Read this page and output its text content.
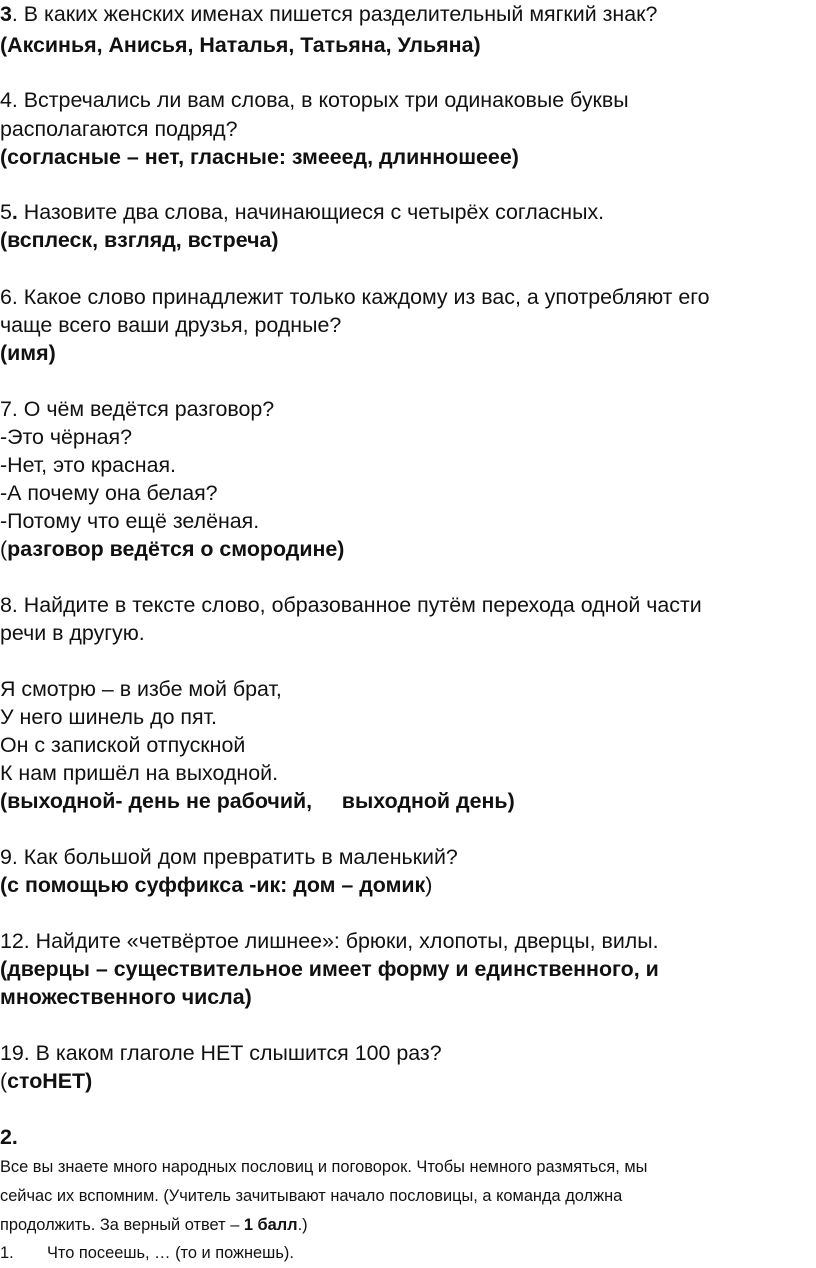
3. В каких женских именах пишется разделительный мягкий знак?
(Аксинья, Анисья, Наталья, Татьяна, Ульяна)
4. Встречались ли вам слова, в которых три одинаковые буквы
располагаются подряд?
(согласные – нет, гласные: змееед, длинношеее)
5. Назовите два слова, начинающиеся с четырёх согласных.
(всплеск, взгляд, встреча)
6. Какое слово принадлежит только каждому из вас, а употребляют его
чаще всего ваши друзья, родные?
(имя)
7. О чём ведётся разговор?
-Это чёрная?
-Нет, это красная.
-А почему она белая?
-Потому что ещё зелёная.
(разговор ведётся о смородине)
8. Найдите в тексте слово, образованное путём перехода одной части
речи в другую.
Я смотрю – в избе мой брат,
У него шинель до пят.
Он с запиской отпускной
К нам пришёл на выходной.
(выходной- день не рабочий,     выходной день)
9. Как большой дом превратить в маленький?
(с помощью суффикса -ик: дом – домик)
12. Найдите «четвёртое лишнее»: брюки, хлопоты, дверцы, вилы.
(дверцы – существительное имеет форму и единственного, и
множественного числа)
19. В каком глаголе НЕТ слышится 100 раз?
(стоНЕТ)
2.
Все вы знаете много народных пословиц и поговорок. Чтобы немного размяться, мы
сейчас их вспомним. (Учитель зачитывают начало пословицы, а команда должна
продолжить. За верный ответ – 1 балл.)
1. Что посеешь, … (то и пожнешь).
